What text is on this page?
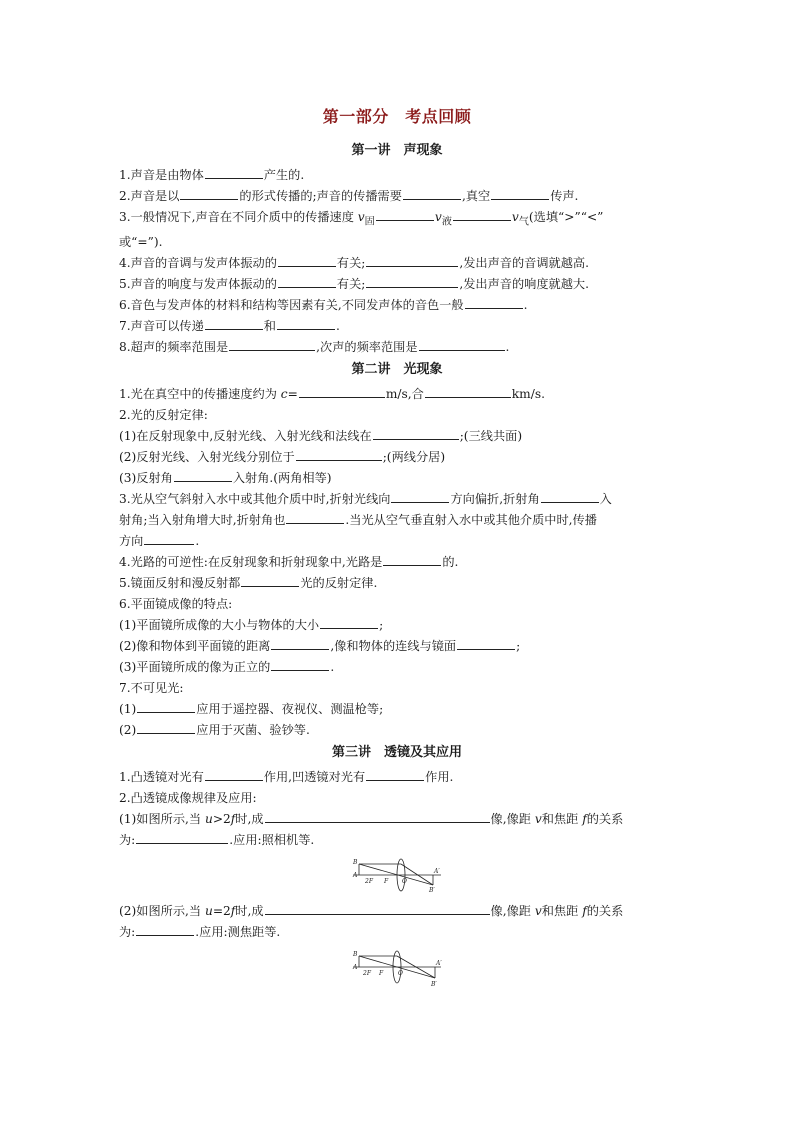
第一部分　考点回顾
第一讲　声现象
1.声音是由物体	产生的.
2.声音是以	的形式传播的;声音的传播需要	,真空	传声.
3.一般情况下,声音在不同介质中的传播速度 $v_固$	$v_液$	$v_气$(选填“>”“<”
或“=”).
4.声音的音调与发声体振动的	有关;	,发出声音的音调就越高.
5.声音的响度与发声体振动的	有关;	,发出声音的响度就越大.
6.音色与发声体的材料和结构等因素有关,不同发声体的音色一般	.
7.声音可以传递	和	.
8.超声的频率范围是	,次声的频率范围是	.
第二讲　光现象
1.光在真空中的传播速度约为 c=	m/s,合	km/s.
2.光的反射定律:
(1)在反射现象中,反射光线、入射光线和法线在	;(三线共面)
(2)反射光线、入射光线分别位于	;(两线分居)
(3)反射角	入射角.(两角相等)
3.光从空气斜射入水中或其他介质中时,折射光线向	方向偏折,折射角	入
射角;当入射角增大时,折射角也	.当光从空气垂直射入水中或其他介质中时,传播
方向	.
4.光路的可逆性:在反射现象和折射现象中,光路是	的.
5.镜面反射和漫反射都	光的反射定律.
6.平面镜成像的特点:
(1)平面镜所成像的大小与物体的大小	;
(2)像和物体到平面镜的距离	,像和物体的连线与镜面	;
(3)平面镜所成的像为正立的	.
7.不可见光:
(1)	应用于遥控器、夜视仪、测温枪等;
(2)	应用于灭菌、验钞等.
第三讲　透镜及其应用
1.凸透镜对光有	作用,凹透镜对光有	作用.
2.凸透镜成像规律及应用:
(1)如图所示,当 u>2f时,成	像,像距 v和焦距 f的关系
为:	.应用:照相机等.
B
A
2F F O
A′
B′
(2)如图所示,当 u=2f时,成	像,像距 v和焦距 f的关系
为:	.应用:测焦距等.
B
A
2F F O
A′
B′
